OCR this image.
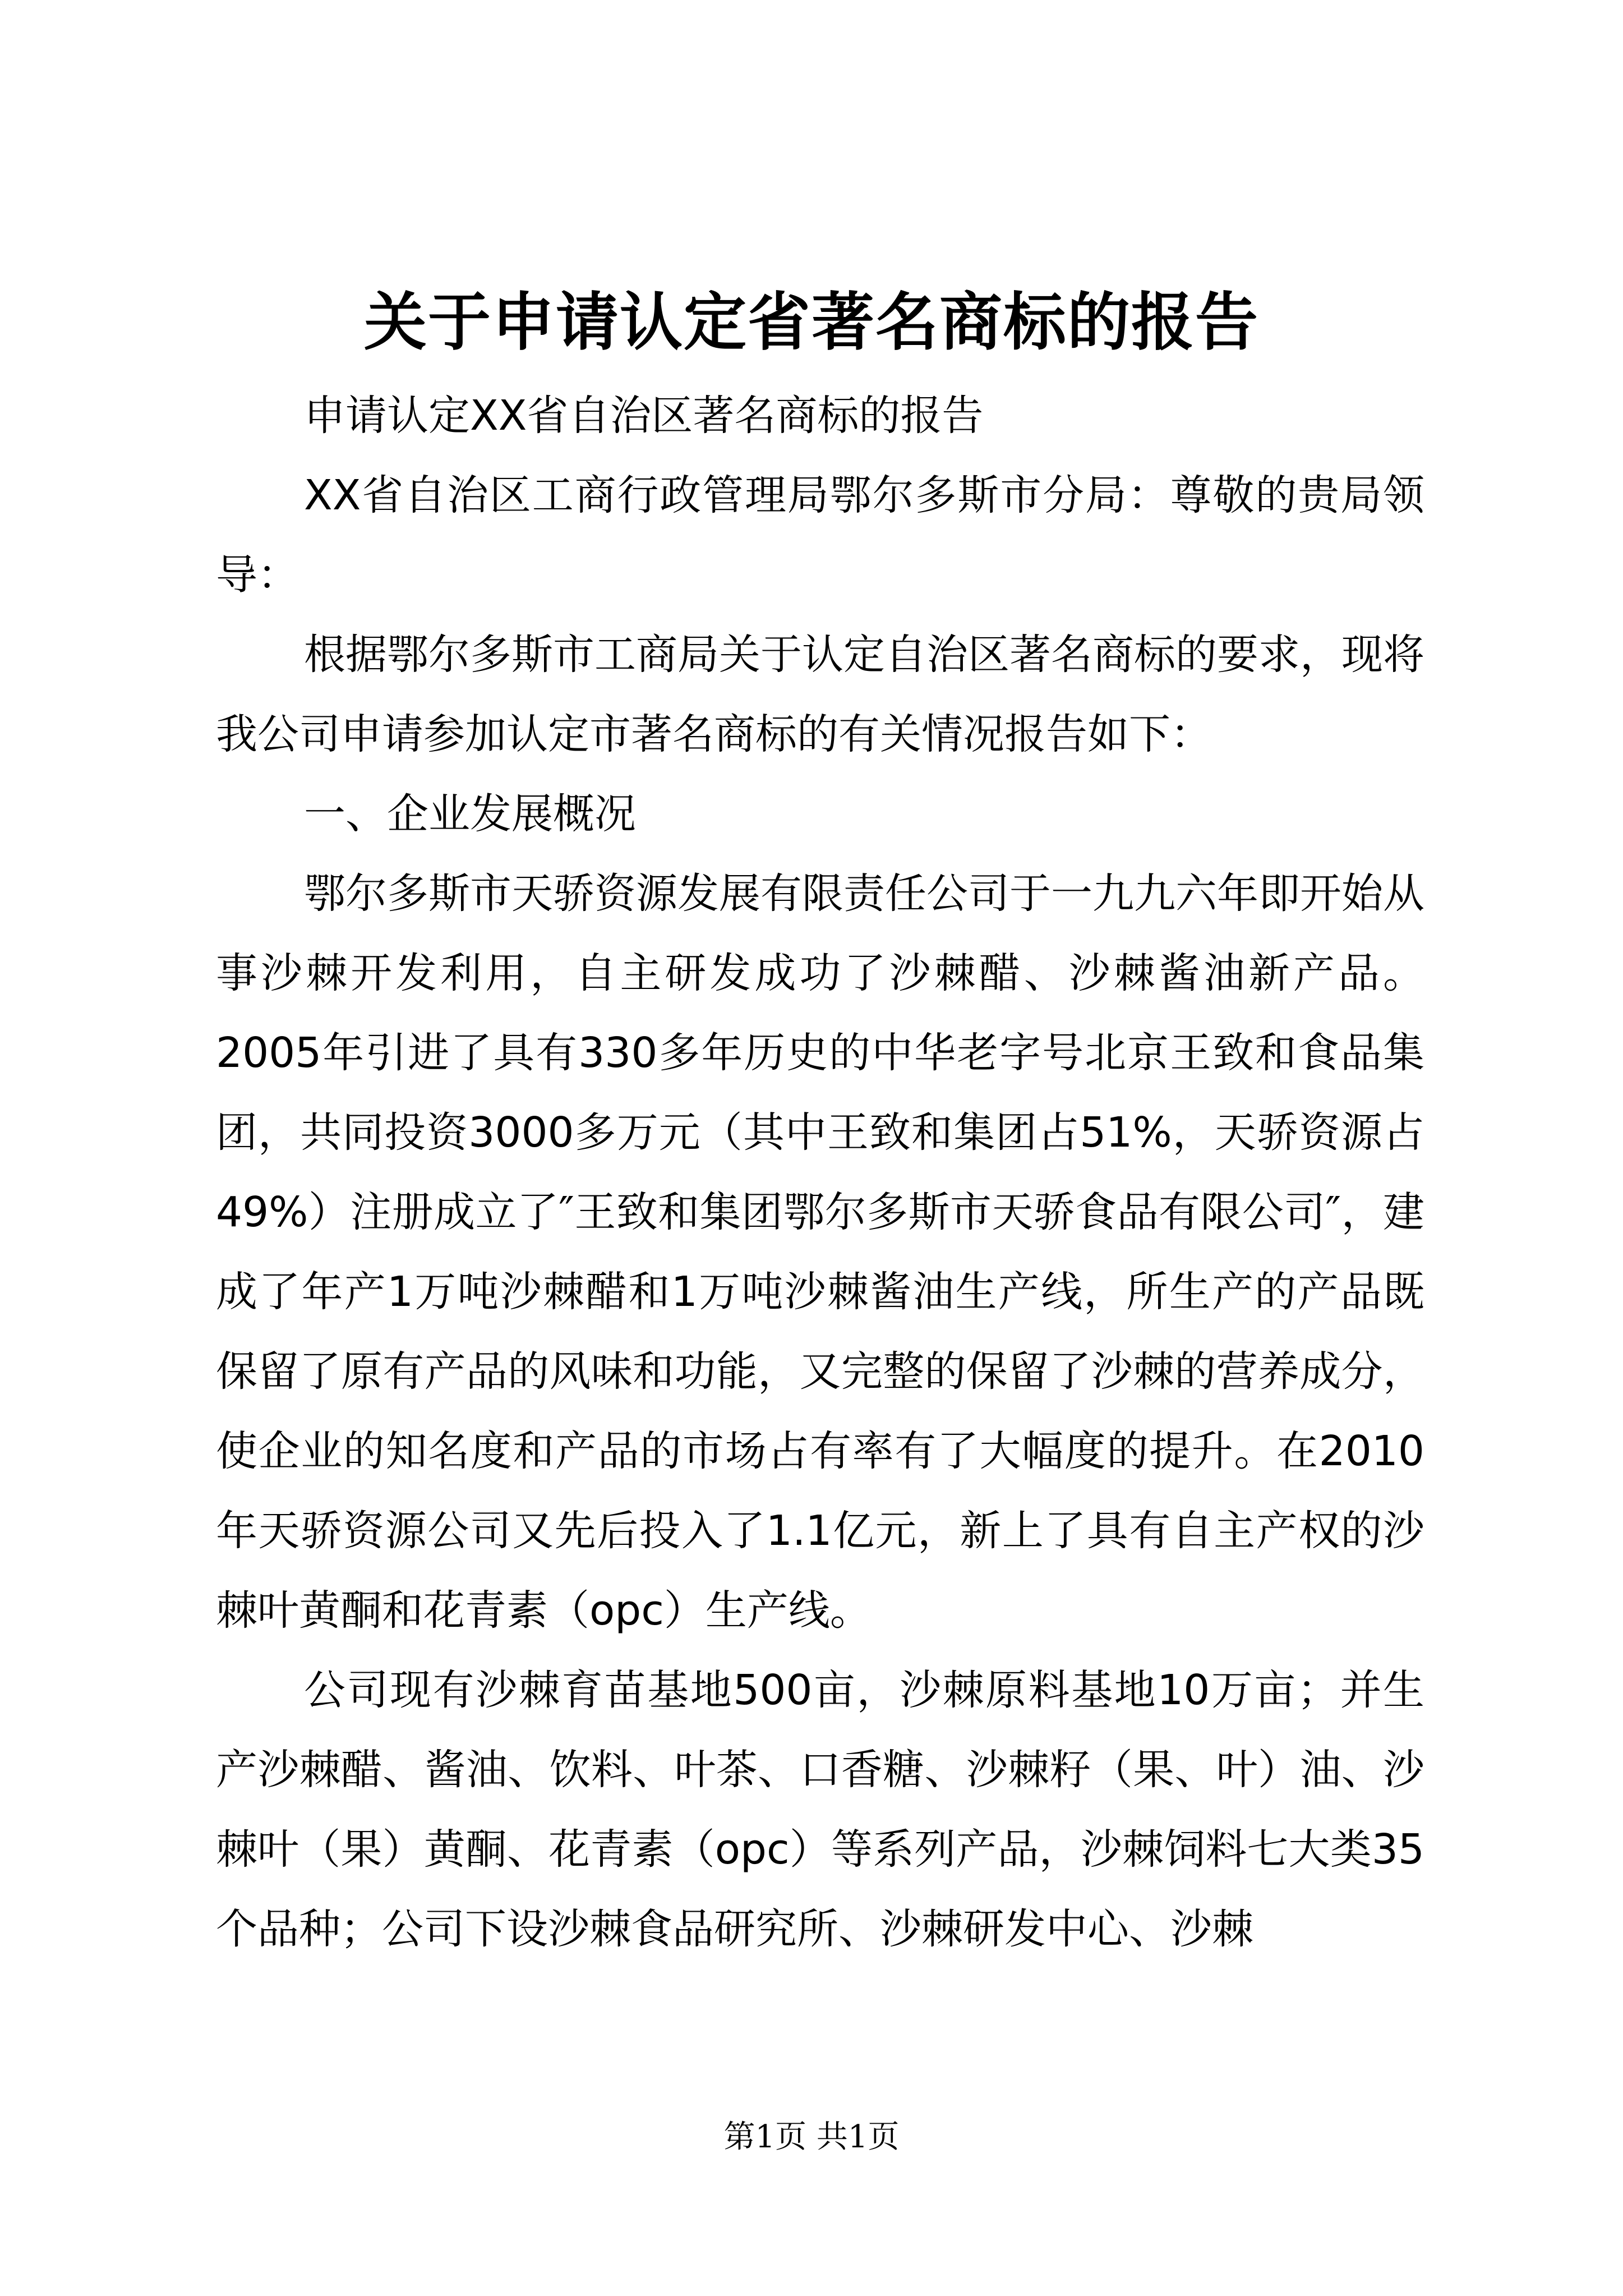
关于申请认定省著名商标的报告

申请认定XX省自治区著名商标的报告

XX省自治区工商行政管理局鄂尔多斯市分局：尊敬的贵局领导：

根据鄂尔多斯市工商局关于认定自治区著名商标的要求，现将我公司申请参加认定市著名商标的有关情况报告如下：

一、企业发展概况

鄂尔多斯市天骄资源发展有限责任公司于一九九六年即开始从事沙棘开发利用，自主研发成功了沙棘醋、沙棘酱油新产品。2005年引进了具有330多年历史的中华老字号北京王致和食品集团，共同投资3000多万元（其中王致和集团占51%，天骄资源占49%）注册成立了″王致和集团鄂尔多斯市天骄食品有限公司″，建成了年产1万吨沙棘醋和1万吨沙棘酱油生产线，所生产的产品既保留了原有产品的风味和功能，又完整的保留了沙棘的营养成分，使企业的知名度和产品的市场占有率有了大幅度的提升。在2010年天骄资源公司又先后投入了1.1亿元，新上了具有自主产权的沙棘叶黄酮和花青素（opc）生产线。

公司现有沙棘育苗基地500亩，沙棘原料基地10万亩；并生产沙棘醋、酱油、饮料、叶茶、口香糖、沙棘籽（果、叶）油、沙棘叶（果）黄酮、花青素（opc）等系列产品，沙棘饲料七大类35个品种；公司下设沙棘食品研究所、沙棘研发中心、沙棘

第1页 共1页
